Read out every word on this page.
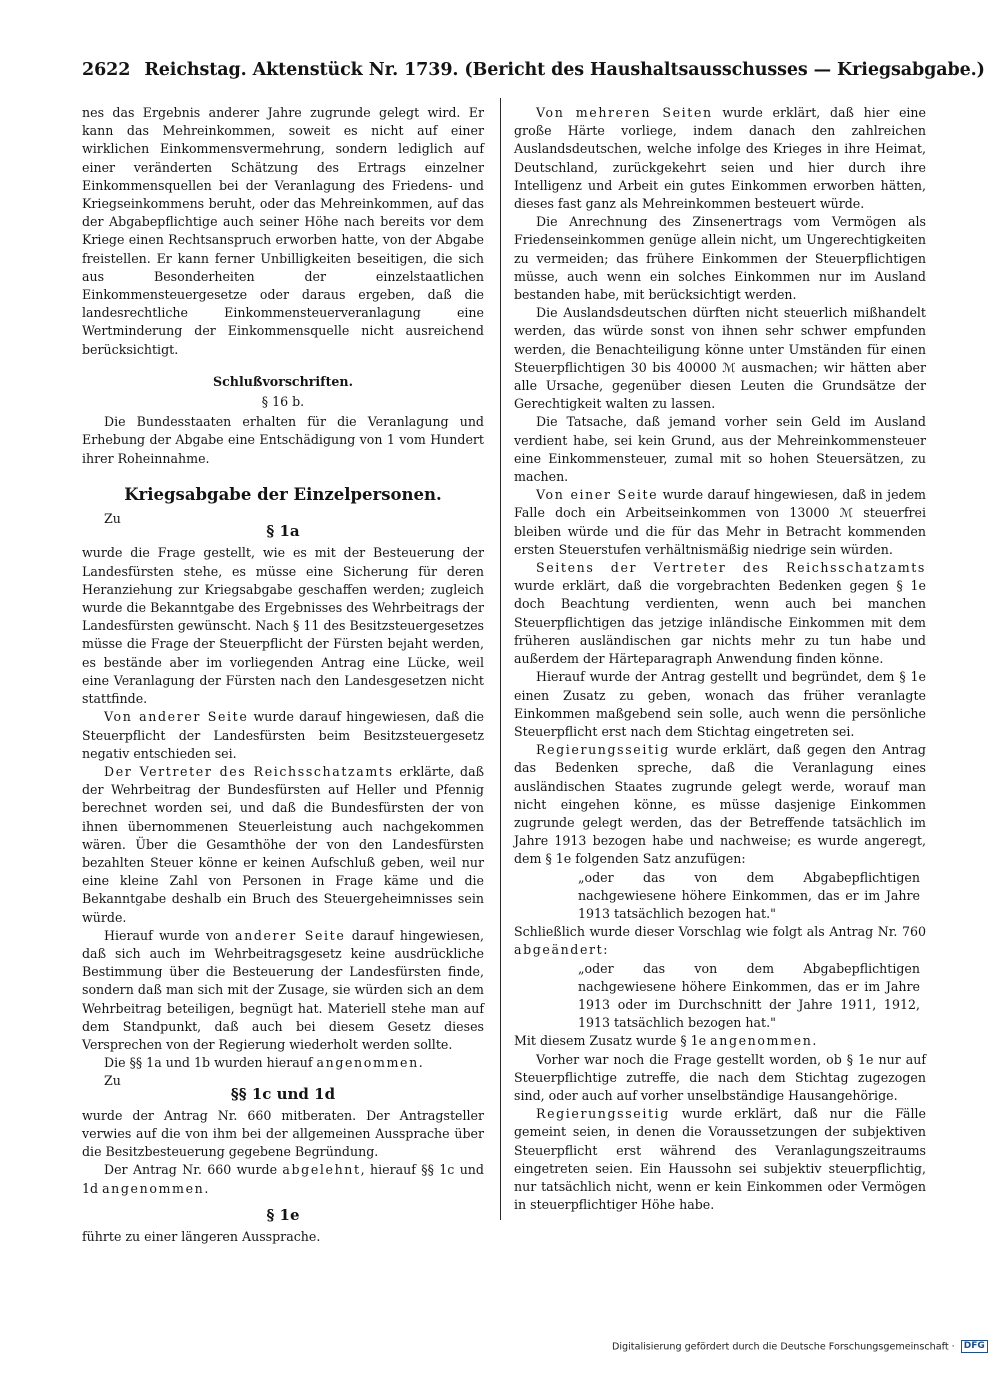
2622 Reichstag. Aktenstück Nr. 1739. (Bericht des Haushaltsausschusses — Kriegsabgabe.)

nes das Ergebnis anderer Jahre zugrunde gelegt wird. Er kann das Mehreinkommen, soweit es nicht auf einer wirklichen Einkommensvermehrung, sondern lediglich auf einer veränderten Schätzung des Ertrags einzelner Einkommensquellen bei der Veranlagung des Friedens- und Kriegseinkommens beruht, oder das Mehreinkommen, auf das der Abgabepflichtige auch seiner Höhe nach bereits vor dem Kriege einen Rechtsanspruch erworben hatte, von der Abgabe freistellen. Er kann ferner Unbilligkeiten beseitigen, die sich aus Besonderheiten der einzelstaatlichen Einkommensteuergesetze oder daraus ergeben, daß die landesrechtliche Einkommensteuerveranlagung eine Wertminderung der Einkommensquelle nicht ausreichend berücksichtigt.

Schlußvorschriften.
§ 16 b.

Die Bundesstaaten erhalten für die Veranlagung und Erhebung der Abgabe eine Entschädigung von 1 vom Hundert ihrer Roheinnahme.

Kriegsabgabe der Einzelpersonen.

Zu

§ 1a

wurde die Frage gestellt, wie es mit der Besteuerung der Landesfürsten stehe, es müsse eine Sicherung für deren Heranziehung zur Kriegsabgabe geschaffen werden; zugleich wurde die Bekanntgabe des Ergebnisses des Wehrbeitrags der Landesfürsten gewünscht. Nach § 11 des Besitzsteuergesetzes müsse die Frage der Steuerpflicht der Fürsten bejaht werden, es bestände aber im vorliegenden Antrag eine Lücke, weil eine Veranlagung der Fürsten nach den Landesgesetzen nicht stattfinde.

Von anderer Seite wurde darauf hingewiesen, daß die Steuerpflicht der Landesfürsten beim Besitzsteuergesetz negativ entschieden sei.

Der Vertreter des Reichsschatzamts erklärte, daß der Wehrbeitrag der Bundesfürsten auf Heller und Pfennig berechnet worden sei, und daß die Bundesfürsten der von ihnen übernommenen Steuerleistung auch nachgekommen wären. Über die Gesamthöhe der von den Landesfürsten bezahlten Steuer könne er keinen Aufschluß geben, weil nur eine kleine Zahl von Personen in Frage käme und die Bekanntgabe deshalb ein Bruch des Steuergeheimnisses sein würde.

Hierauf wurde von anderer Seite darauf hingewiesen, daß sich auch im Wehrbeitragsgesetz keine ausdrückliche Bestimmung über die Besteuerung der Landesfürsten finde, sondern daß man sich mit der Zusage, sie würden sich an dem Wehrbeitrag beteiligen, begnügt hat. Materiell stehe man auf dem Standpunkt, daß auch bei diesem Gesetz dieses Versprechen von der Regierung wiederholt werden sollte.

Die §§ 1a und 1b wurden hierauf angenommen.

Zu

§§ 1c und 1d

wurde der Antrag Nr. 660 mitberaten. Der Antragsteller verwies auf die von ihm bei der allgemeinen Aussprache über die Besitzbesteuerung gegebene Begründung.

Der Antrag Nr. 660 wurde abgelehnt, hierauf §§ 1c und 1d angenommen.

§ 1e

führte zu einer längeren Aussprache.

Von mehreren Seiten wurde erklärt, daß hier eine große Härte vorliege, indem danach den zahlreichen Auslandsdeutschen, welche infolge des Krieges in ihre Heimat, Deutschland, zurückgekehrt seien und hier durch ihre Intelligenz und Arbeit ein gutes Einkommen erworben hätten, dieses fast ganz als Mehreinkommen besteuert würde.

Die Anrechnung des Zinsenertrags vom Vermögen als Friedenseinkommen genüge allein nicht, um Ungerechtigkeiten zu vermeiden; das frühere Einkommen der Steuerpflichtigen müsse, auch wenn ein solches Einkommen nur im Ausland bestanden habe, mit berücksichtigt werden.

Die Auslandsdeutschen dürften nicht steuerlich mißhandelt werden, das würde sonst von ihnen sehr schwer empfunden werden, die Benachteiligung könne unter Umständen für einen Steuerpflichtigen 30 bis 40000 ℳ ausmachen; wir hätten aber alle Ursache, gegenüber diesen Leuten die Grundsätze der Gerechtigkeit walten zu lassen.

Die Tatsache, daß jemand vorher sein Geld im Ausland verdient habe, sei kein Grund, aus der Mehreinkommensteuer eine Einkommensteuer, zumal mit so hohen Steuersätzen, zu machen.

Von einer Seite wurde darauf hingewiesen, daß in jedem Falle doch ein Arbeitseinkommen von 13000 ℳ steuerfrei bleiben würde und die für das Mehr in Betracht kommenden ersten Steuerstufen verhältnismäßig niedrige sein würden.

Seitens der Vertreter des Reichsschatzamts wurde erklärt, daß die vorgebrachten Bedenken gegen § 1e doch Beachtung verdienten, wenn auch bei manchen Steuerpflichtigen das jetzige inländische Einkommen mit dem früheren ausländischen gar nichts mehr zu tun habe und außerdem der Härteparagraph Anwendung finden könne.

Hierauf wurde der Antrag gestellt und begründet, dem § 1e einen Zusatz zu geben, wonach das früher veranlagte Einkommen maßgebend sein solle, auch wenn die persönliche Steuerpflicht erst nach dem Stichtag eingetreten sei.

Regierungsseitig wurde erklärt, daß gegen den Antrag das Bedenken spreche, daß die Veranlagung eines ausländischen Staates zugrunde gelegt werde, worauf man nicht eingehen könne, es müsse dasjenige Einkommen zugrunde gelegt werden, das der Betreffende tatsächlich im Jahre 1913 bezogen habe und nachweise; es wurde angeregt, dem § 1e folgenden Satz anzufügen:

„oder das von dem Abgabepflichtigen nachgewiesene höhere Einkommen, das er im Jahre 1913 tatsächlich bezogen hat."

Schließlich wurde dieser Vorschlag wie folgt als Antrag Nr. 760 abgeändert:

„oder das von dem Abgabepflichtigen nachgewiesene höhere Einkommen, das er im Jahre 1913 oder im Durchschnitt der Jahre 1911, 1912, 1913 tatsächlich bezogen hat."

Mit diesem Zusatz wurde § 1e angenommen.

Vorher war noch die Frage gestellt worden, ob § 1e nur auf Steuerpflichtige zutreffe, die nach dem Stichtag zugezogen sind, oder auch auf vorher unselbständige Hausangehörige.

Regierungsseitig wurde erklärt, daß nur die Fälle gemeint seien, in denen die Voraussetzungen der subjektiven Steuerpflicht erst während des Veranlagungszeitraums eingetreten seien. Ein Haussohn sei subjektiv steuerpflichtig, nur tatsächlich nicht, wenn er kein Einkommen oder Vermögen in steuerpflichtiger Höhe habe.

Digitalisierung gefördert durch die Deutsche Forschungsgemeinschaft · DFG
